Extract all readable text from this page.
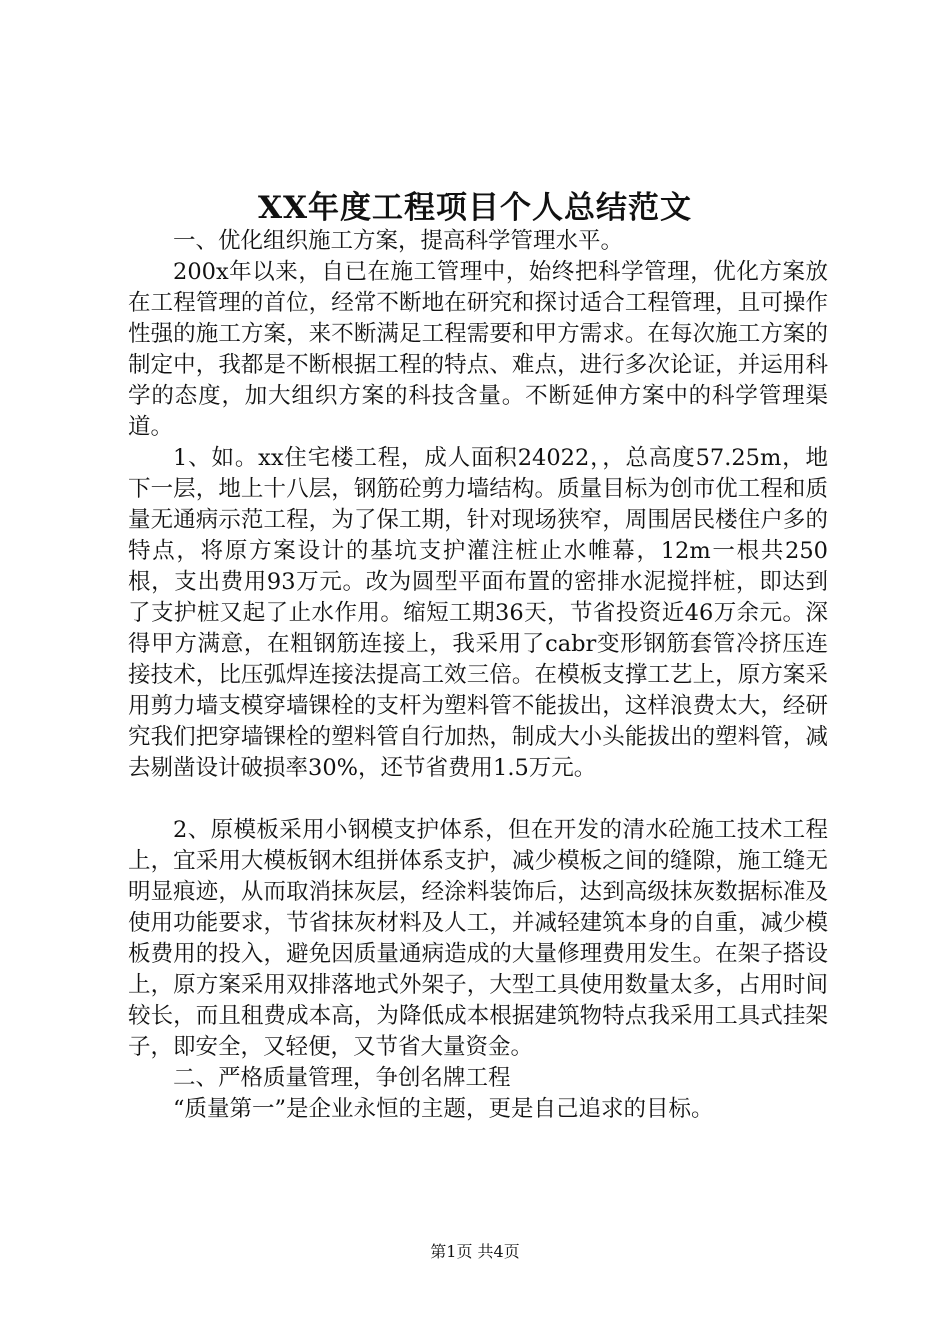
XX年度工程项目个人总结范文

一、优化组织施工方案，提高科学管理水平。

200x年以来，自已在施工管理中，始终把科学管理，优化方案放在工程管理的首位，经常不断地在研究和探讨适合工程管理，且可操作性强的施工方案，来不断满足工程需要和甲方需求。在每次施工方案的制定中，我都是不断根据工程的特点、难点，进行多次论证，并运用科学的态度，加大组织方案的科技含量。不断延伸方案中的科学管理渠道。

1、如。xx住宅楼工程，成人面积24022，，总高度57.25m，地下一层，地上十八层，钢筋砼剪力墙结构。质量目标为创市优工程和质量无通病示范工程，为了保工期，针对现场狭窄，周围居民楼住户多的特点，将原方案设计的基坑支护灌注桩止水帷幕，12m一根共250根，支出费用93万元。改为圆型平面布置的密排水泥搅拌桩，即达到了支护桩又起了止水作用。缩短工期36天，节省投资近46万余元。深得甲方满意，在粗钢筋连接上，我采用了cabr变形钢筋套管冷挤压连接技术，比压弧焊连接法提高工效三倍。在模板支撑工艺上，原方案采用剪力墙支模穿墙锞栓的支杆为塑料管不能拔出，这样浪费太大，经研究我们把穿墙锞栓的塑料管自行加热，制成大小头能拔出的塑料管，减去剔凿设计破损率30%，还节省费用1.5万元。

2、原模板采用小钢模支护体系，但在开发的清水砼施工技术工程上，宜采用大模板钢木组拼体系支护，减少模板之间的缝隙，施工缝无明显痕迹，从而取消抹灰层，经涂料装饰后，达到高级抹灰数据标准及使用功能要求，节省抹灰材料及人工，并减轻建筑本身的自重，减少模板费用的投入，避免因质量通病造成的大量修理费用发生。在架子搭设上，原方案采用双排落地式外架子，大型工具使用数量太多，占用时间较长，而且租费成本高，为降低成本根据建筑物特点我采用工具式挂架子，即安全，又轻便，又节省大量资金。

二、严格质量管理，争创名牌工程

“质量第一”是企业永恒的主题，更是自己追求的目标。

第1页 共4页
